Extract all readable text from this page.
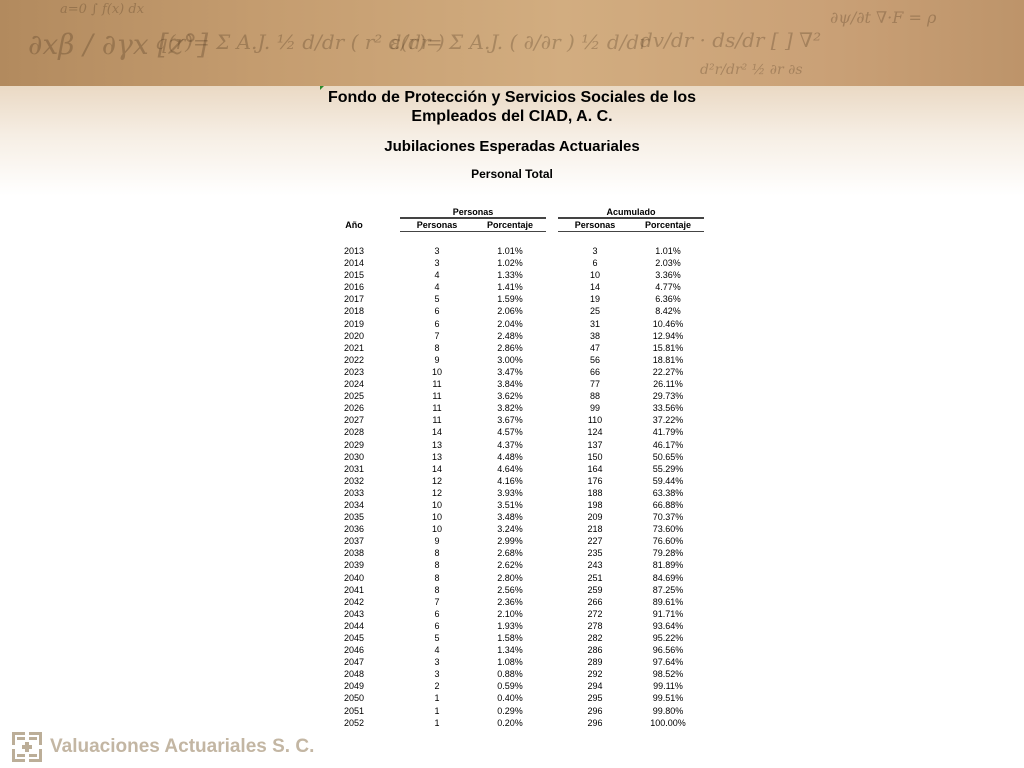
∂xβ / ∂γx [z°]
q(r)= Σ A.J. ½ d/dr ( r² d/dr )
ε(r)= Σ A.J. ( ∂/∂r ) ½ d/dr
dv/dr · ds/dr [ ] ∇²
∂ψ/∂t ∇·F = ρ
d²r/dr² ½ ∂r ∂s
a=0 ∫ f(x) dx
Fondo de Protección y Servicios Sociales de los
Empleados del CIAD, A. C.
Jubilaciones Esperadas Actuariales
Personal Total
Personas	Acumulado
Año	Personas	Porcentaje	Personas	Porcentaje
2013	3	1.01%	3	1.01%
2014	3	1.02%	6	2.03%
2015	4	1.33%	10	3.36%
2016	4	1.41%	14	4.77%
2017	5	1.59%	19	6.36%
2018	6	2.06%	25	8.42%
2019	6	2.04%	31	10.46%
2020	7	2.48%	38	12.94%
2021	8	2.86%	47	15.81%
2022	9	3.00%	56	18.81%
2023	10	3.47%	66	22.27%
2024	11	3.84%	77	26.11%
2025	11	3.62%	88	29.73%
2026	11	3.82%	99	33.56%
2027	11	3.67%	110	37.22%
2028	14	4.57%	124	41.79%
2029	13	4.37%	137	46.17%
2030	13	4.48%	150	50.65%
2031	14	4.64%	164	55.29%
2032	12	4.16%	176	59.44%
2033	12	3.93%	188	63.38%
2034	10	3.51%	198	66.88%
2035	10	3.48%	209	70.37%
2036	10	3.24%	218	73.60%
2037	9	2.99%	227	76.60%
2038	8	2.68%	235	79.28%
2039	8	2.62%	243	81.89%
2040	8	2.80%	251	84.69%
2041	8	2.56%	259	87.25%
2042	7	2.36%	266	89.61%
2043	6	2.10%	272	91.71%
2044	6	1.93%	278	93.64%
2045	5	1.58%	282	95.22%
2046	4	1.34%	286	96.56%
2047	3	1.08%	289	97.64%
2048	3	0.88%	292	98.52%
2049	2	0.59%	294	99.11%
2050	1	0.40%	295	99.51%
2051	1	0.29%	296	99.80%
2052	1	0.20%	296	100.00%
Valuaciones Actuariales S. C.
